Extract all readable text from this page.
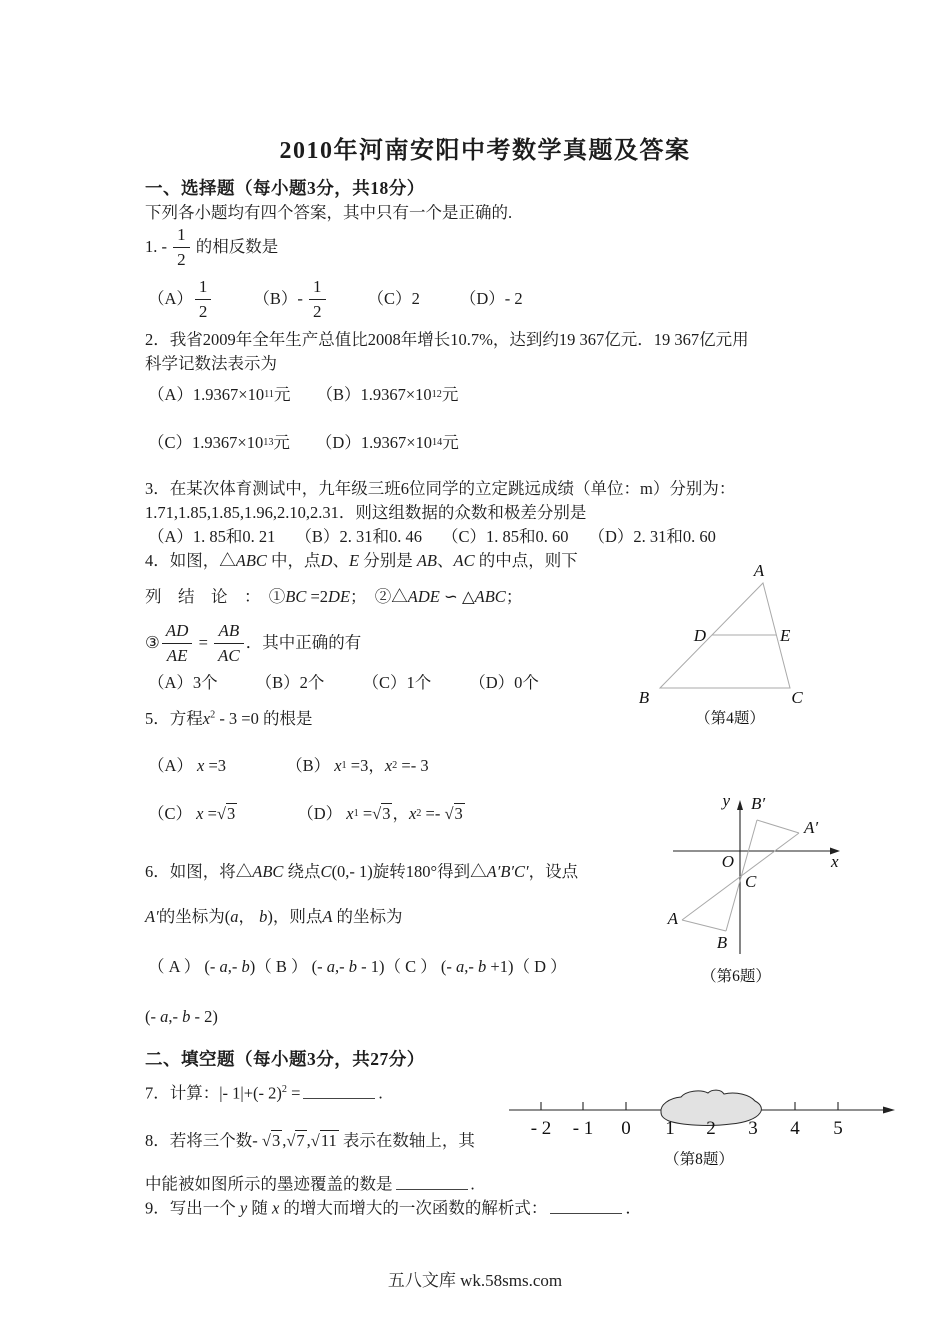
2010年河南安阳中考数学真题及答案
一、选择题（每小题3分，共18分）
下列各小题均有四个答案，其中只有一个是正确的.
1. - $\frac{1}{2}$ 的相反数是
$(A) \frac{1}{2}$	$(B)- \frac{1}{2}$	（C） 2 （D） - 2
2．我省2009年全年生产总值比2008年增长10.7%，达到约19 367亿元．19 367亿元用
科学记数法表示为
（A） 1.9367×10 11 元 （B） 1.9367×10 12 元
（C） 1.9367×10 13 元 （D） 1.9367×10 14 元
3．在某次体育测试中，九年级三班6位同学的立定跳远成绩（单位：m）分别为：
1.71,1.85,1.85,1.96,2.10,2.31．则这组数据的众数和极差分别是
（A） 1. 85 和 0. 21 （B） 2. 31 和 0. 46 （C） 1. 85 和 0. 60 （D） 2. 31 和 0. 60
4．如图，△ABC 中，点D、E 分别是 AB、AC 的中点，则下
列　结　论　：　①BC =2DE；　②△ADE ∽ △ABC；
③ $\frac{AD}{AE} = \frac{AB}{AC}$ ．其中正确的有
（A）3个 （B）2个 （C）1个 （D）0个
A
D	E
B	C
（第4题）
5．方程$x^2 - 3 =0$ 的根是
（A） x =3	（B） x 1 =3 ， x 2 =- 3
（C） x = √3	（D） x 1 = √3 ， x 2 =- √3
6．如图，将△ABC 绕点C(0,- 1)旋转180°得到△A′B′C′，设点
A′的坐标为(a， b)，则点A 的坐标为
（ A ） (- a ,- b ) （ B ） (- a ,- b - 1) （ C ） (- a ,- b +1) （ D ）
(- a,- b - 2)
y B′
A′
O	x
C
A
B
（第6题）
二、填空题（每小题3分，共27分）
7．计算：|- 1|+(- 2)$^2$ =	.
8．若将三个数- √3 ,√7 ,√11 表示在数轴上，其
中能被如图所示的墨迹覆盖的数是	.
- 2 - 1 0 1 2 3 4 5
（第8题）
9．写出一个 y 随 x 的增大而增大的一次函数的解析式：	．
五八文库 wk.58sms.com
